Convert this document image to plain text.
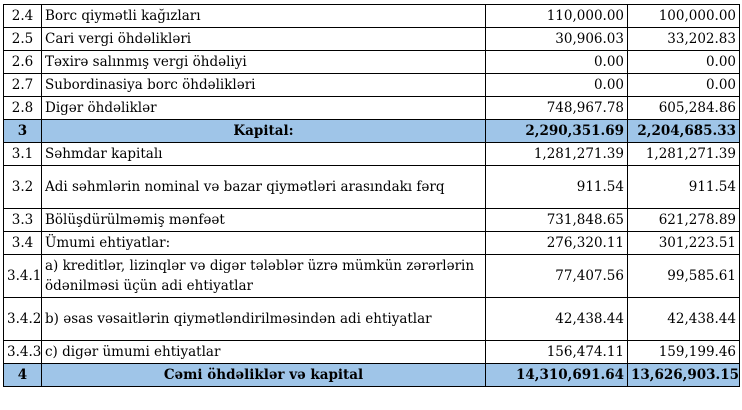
2.4	Borc qiymətli kağızları	110,000.00	100,000.00
2.5	Cari vergi öhdəlikləri	30,906.03	33,202.83
2.6	Təxirə salınmış vergi öhdəliyi	0.00	0.00
2.7	Subordinasiya borc öhdəlikləri	0.00	0.00
2.8	Digər öhdəliklər	748,967.78	605,284.86
3	Kapital:	2,290,351.69	2,204,685.33
3.1	Səhmdar kapitalı	1,281,271.39	1,281,271.39
3.2	Adi səhmlərin nominal və bazar qiymətləri arasındakı fərq	911.54	911.54
3.3	Bölüşdürülməmiş mənfəət	731,848.65	621,278.89
3.4	Ümumi ehtiyatlar:	276,320.11	301,223.51
3.4.1	a) kreditlər, lizinqlər və digər tələblər üzrə mümkün zərərlərin ödənilməsi üçün adi ehtiyatlar	77,407.56	99,585.61
3.4.2	b) əsas vəsaitlərin qiymətləndirilməsindən adi ehtiyatlar	42,438.44	42,438.44
3.4.3	c) digər ümumi ehtiyatlar	156,474.11	159,199.46
4	Cəmi öhdəliklər və kapital	14,310,691.64	13,626,903.15
